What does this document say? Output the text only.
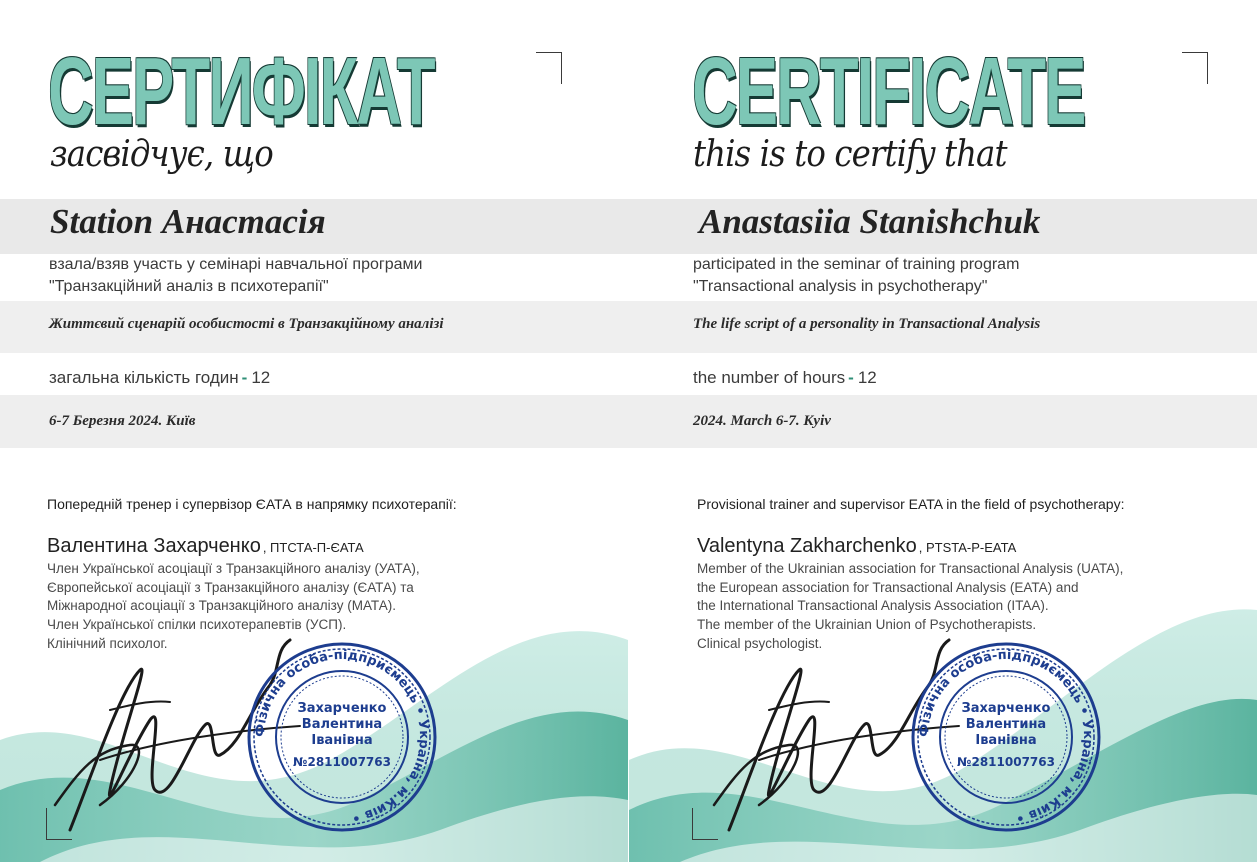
СЕРТИФІКАТ
засвідчує, що
Station Анастасія
взала/взяв участь у семінарі навчальної програми
"Транзакційний аналіз в психотерапії"
Життєвий сценарій особистості в Транзакційному аналізі
загальна кількість годин - 12
6-7 Березня 2024. Київ
Попередній тренер і супервізор ЄАТА в напрямку психотерапії:
Валентина Захарченко , ПТСТА-П-ЄАТА
Член Української асоціації з Транзакційного аналізу (УАТА),
Європейської асоціації з Транзакційного аналізу (ЄАТА) та
Міжнародної асоціації з Транзакційного аналізу (МАТА).
Член Української спілки психотерапевтів (УСП).
Клінічний психолог.
Фізична особа-підприємець • Україна, м.Київ •
Захарченко
Валентина
Іванівна
№2811007763
CERTIFICATE
this is to certify that
Anastasiia Stanishchuk
participated in the seminar of training program
"Transactional analysis in psychotherapy"
The life script of a personality in Transactional Analysis
the number of hours - 12
2024. March 6-7. Kyiv
Provisional trainer and supervisor EATA in the field of psychotherapy:
Valentyna Zakharchenko , PTSTA-P-EATA
Member of the Ukrainian association for Transactional Analysis (UATA),
the European association for Transactional Analysis (EATA) and
the International Transactional Analysis Association (ITAA).
The member of the Ukrainian Union of Psychotherapists.
Clinical psychologist.
Фізична особа-підприємець • Україна, м.Київ •
Захарченко
Валентина
Іванівна
№2811007763
